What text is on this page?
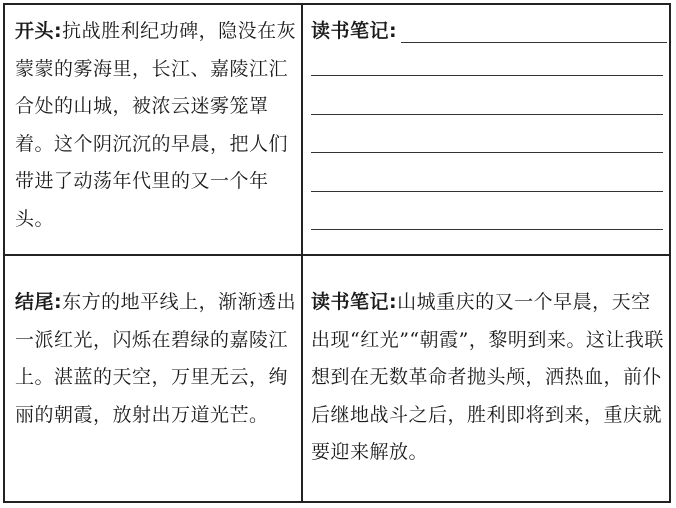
开头:抗战胜利纪功碑，隐没在灰蒙蒙的雾海里，长江、嘉陵江汇合处的山城，被浓云迷雾笼罩着。这个阴沉沉的早晨，把人们带进了动荡年代里的又一个年头。
读书笔记 :
结尾:东方的地平线上，渐渐透出一派红光，闪烁在碧绿的嘉陵江上。湛蓝的天空，万里无云，绚丽的朝霞，放射出万道光芒。
读书笔记:山城重庆的又一个早晨，天空出现“红光”“朝霞”，黎明到来。这让我联想到在无数革命者抛头颅，洒热血，前仆后继地战斗之后，胜利即将到来，重庆就要迎来解放。
